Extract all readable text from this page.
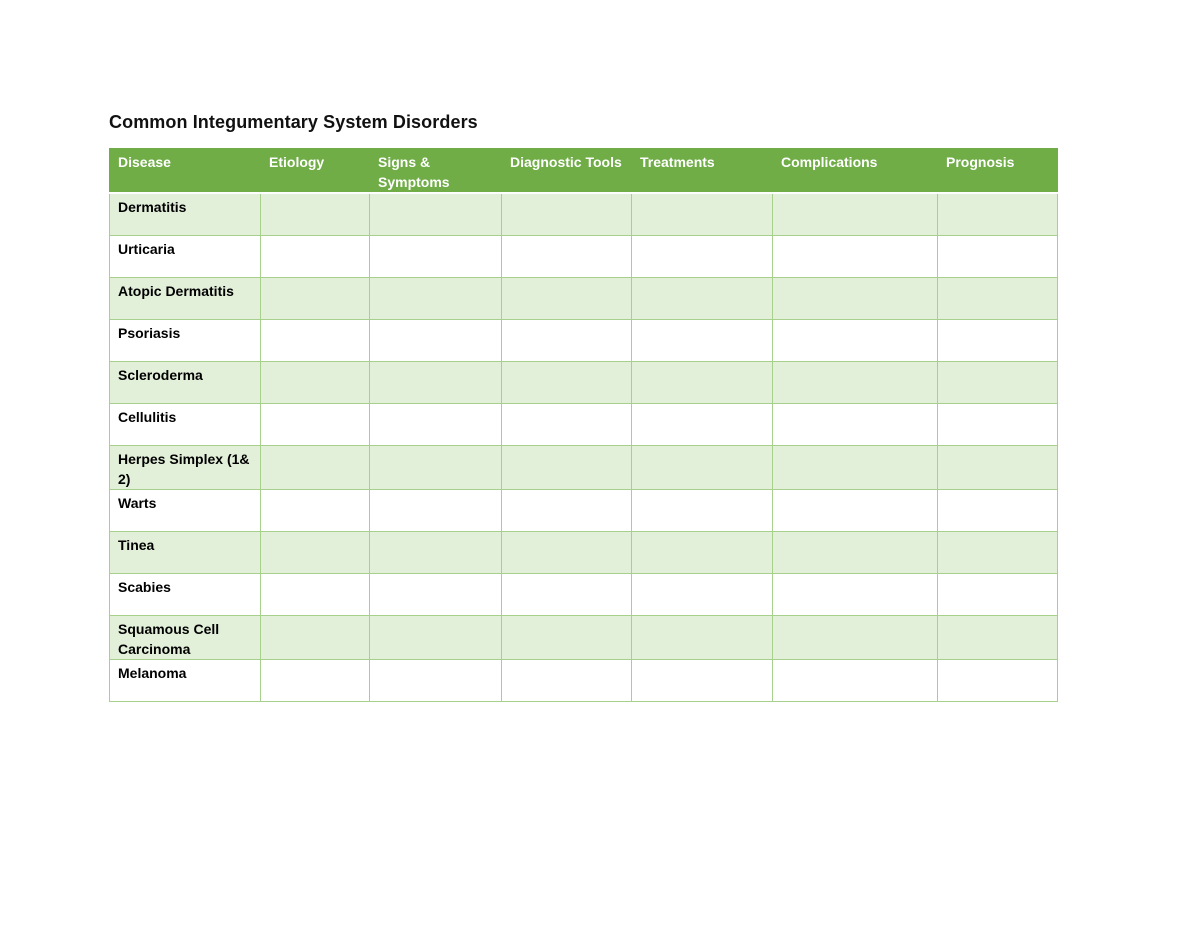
Common Integumentary System Disorders
Disease	Etiology	Signs & Symptoms	Diagnostic Tools	Treatments	Complications	Prognosis
Dermatitis						
Urticaria						
Atopic Dermatitis						
Psoriasis						
Scleroderma						
Cellulitis						
Herpes Simplex (1& 2)						
Warts						
Tinea						
Scabies						
Squamous Cell Carcinoma						
Melanoma						
